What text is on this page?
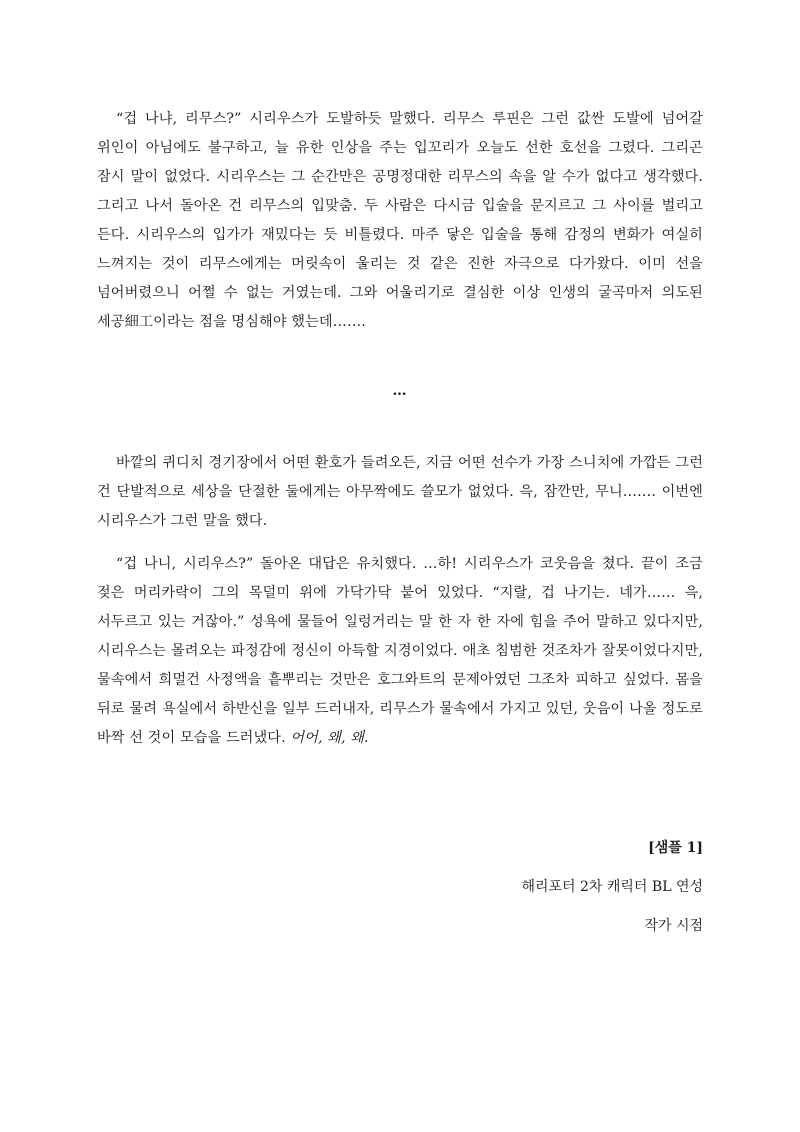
“겁 나냐, 리무스?” 시리우스가 도발하듯 말했다. 리무스 루핀은 그런 값싼 도발에 넘어갈 위인이 아님에도 불구하고, 늘 유한 인상을 주는 입꼬리가 오늘도 선한 호선을 그렸다. 그리곤 잠시 말이 없었다. 시리우스는 그 순간만은 공명정대한 리무스의 속을 알 수가 없다고 생각했다. 그리고 나서 돌아온 건 리무스의 입맞춤. 두 사람은 다시금 입술을 문지르고 그 사이를 벌리고 든다. 시리우스의 입가가 재밌다는 듯 비틀렸다. 마주 닿은 입술을 통해 감정의 변화가 여실히 느껴지는 것이 리무스에게는 머릿속이 울리는 것 같은 진한 자극으로 다가왔다. 이미 선을 넘어버렸으니 어쩔 수 없는 거였는데. 그와 어울리기로 결심한 이상 인생의 굴곡마저 의도된 세공細工이라는 점을 명심해야 했는데…….

…

바깥의 퀴디치 경기장에서 어떤 환호가 들려오든, 지금 어떤 선수가 가장 스니치에 가깝든 그런 건 단발적으로 세상을 단절한 둘에게는 아무짝에도 쓸모가 없었다. 윽, 잠깐만, 무니……. 이번엔 시리우스가 그런 말을 했다.

“겁 나니, 시리우스?” 돌아온 대답은 유치했다. …하! 시리우스가 코웃음을 쳤다. 끝이 조금 젖은 머리카락이 그의 목덜미 위에 가닥가닥 붙어 있었다. “지랄, 겁 나기는. 네가…… 윽, 서두르고 있는 거잖아.” 성욕에 물들어 일렁거리는 말 한 자 한 자에 힘을 주어 말하고 있다지만, 시리우스는 몰려오는 파정감에 정신이 아득할 지경이었다. 애초 침범한 것조차가 잘못이었다지만, 물속에서 희멀건 사정액을 흩뿌리는 것만은 호그와트의 문제아였던 그조차 피하고 싶었다. 몸을 뒤로 물려 욕실에서 하반신을 일부 드러내자, 리무스가 물속에서 가지고 있던, 웃음이 나올 정도로 바짝 선 것이 모습을 드러냈다. 어어, 왜, 왜.

[샘플 1]
해리포터 2차 캐릭터 BL 연성
작가 시점
